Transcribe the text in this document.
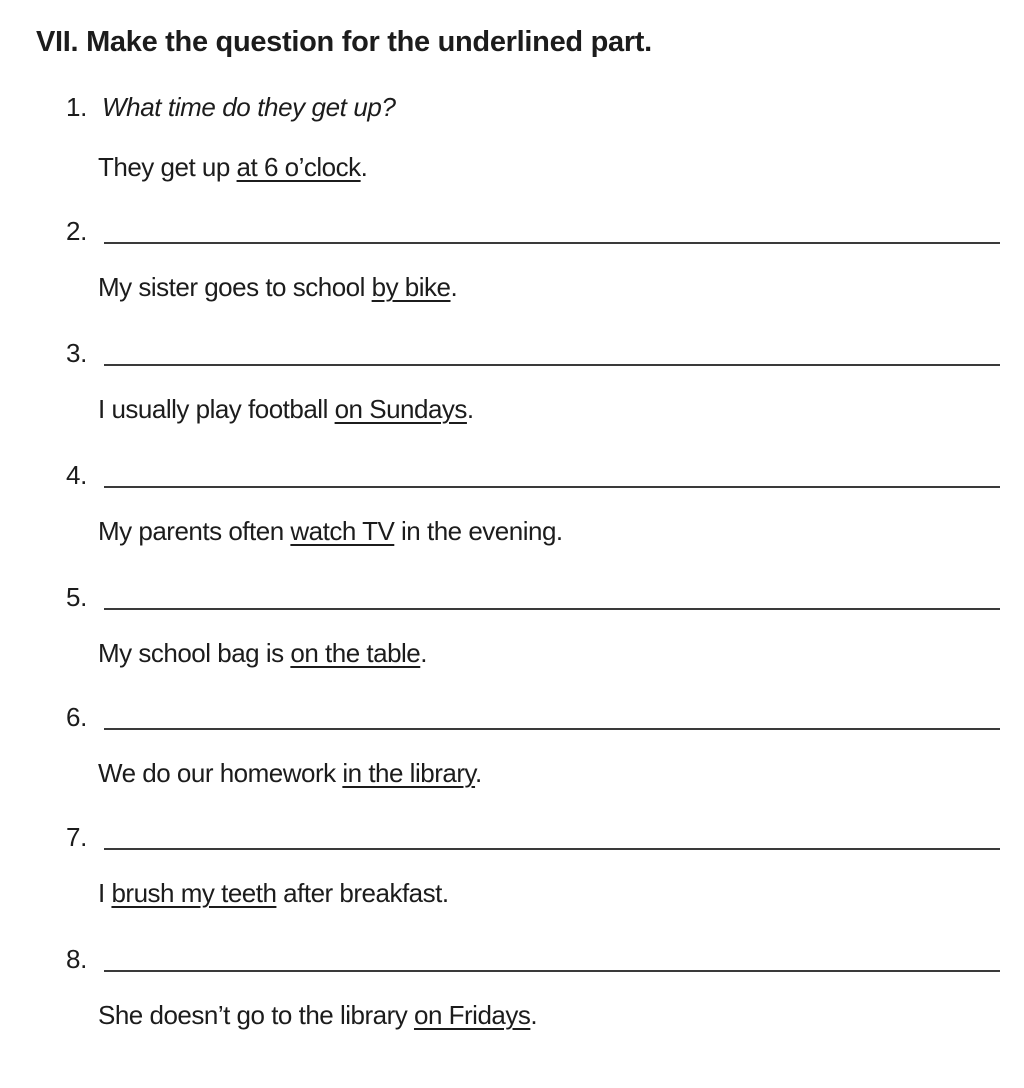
VII. Make the question for the underlined part.
1. What time do they get up?
They get up at 6 o’clock.
2.
My sister goes to school by bike.
3.
I usually play football on Sundays.
4.
My parents often watch TV in the evening.
5.
My school bag is on the table.
6.
We do our homework in the library.
7.
I brush my teeth after breakfast.
8.
She doesn’t go to the library on Fridays.
